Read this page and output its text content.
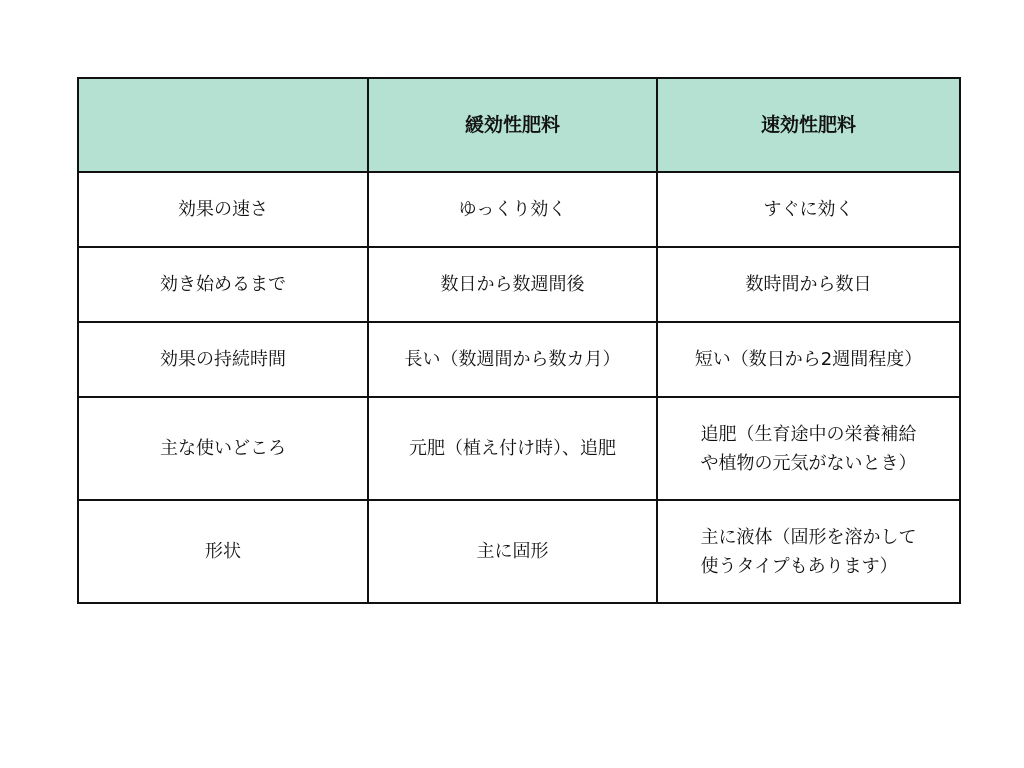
	緩効性肥料	速効性肥料
効果の速さ	ゆっくり効く	すぐに効く
効き始めるまで	数日から数週間後	数時間から数日
効果の持続時間	長い（数週間から数カ月）	短い（数日から2週間程度）
主な使いどころ	元肥（植え付け時）、追肥	追肥（生育途中の栄養補給
や植物の元気がないとき）
形状	主に固形	主に液体（固形を溶かして
使うタイプもあります）
